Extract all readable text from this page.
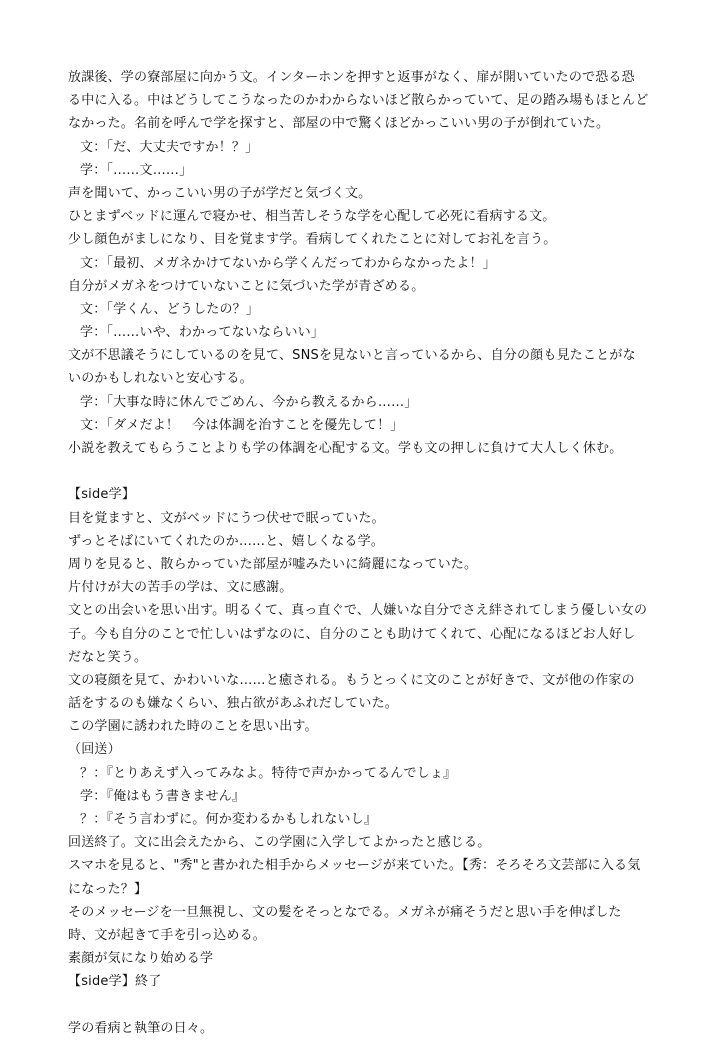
放課後、学の寮部屋に向かう文。インターホンを押すと返事がなく、扉が開いていたので恐る恐
る中に入る。中はどうしてこうなったのかわからないほど散らかっていて、足の踏み場もほとんど
なかった。名前を呼んで学を探すと、部屋の中で驚くほどかっこいい男の子が倒れていた。
文：「だ、大丈夫ですか！？」
学：「……文……」
声を聞いて、かっこいい男の子が学だと気づく文。
ひとまずベッドに運んで寝かせ、相当苦しそうな学を心配して必死に看病する文。
少し顔色がましになり、目を覚ます学。看病してくれたことに対してお礼を言う。
文：「最初、メガネかけてないから学くんだってわからなかったよ！」
自分がメガネをつけていないことに気づいた学が青ざめる。
文：「学くん、どうしたの？」
学：「……いや、わかってないならいい」
文が不思議そうにしているのを見て、SNSを見ないと言っているから、自分の顔も見たことがな
いのかもしれないと安心する。
学：「大事な時に休んでごめん、今から教えるから……」
文：「ダメだよ！　今は体調を治すことを優先して！」
小説を教えてもらうことよりも学の体調を心配する文。学も文の押しに負けて大人しく休む。
【side学】
目を覚ますと、文がベッドにうつ伏せで眠っていた。
ずっとそばにいてくれたのか……と、嬉しくなる学。
周りを見ると、散らかっていた部屋が嘘みたいに綺麗になっていた。
片付けが大の苦手の学は、文に感謝。
文との出会いを思い出す。明るくて、真っ直ぐで、人嫌いな自分でさえ絆されてしまう優しい女の
子。今も自分のことで忙しいはずなのに、自分のことも助けてくれて、心配になるほどお人好し
だなと笑う。
文の寝顔を見て、かわいいな……と癒される。もうとっくに文のことが好きで、文が他の作家の
話をするのも嫌なくらい、独占欲があふれだしていた。
この学園に誘われた時のことを思い出す。
（回送）
？：『とりあえず入ってみなよ。特待で声かかってるんでしょ』
学：『俺はもう書きません』
？：『そう言わずに。何か変わるかもしれないし』
回送終了。文に出会えたから、この学園に入学してよかったと感じる。
スマホを見ると、"秀"と書かれた相手からメッセージが来ていた。【秀：そろそろ文芸部に入る気
になった？】
そのメッセージを一旦無視し、文の髪をそっとなでる。メガネが痛そうだと思い手を伸ばした
時、文が起きて手を引っ込める。
素顔が気になり始める学
【side学】終了
学の看病と執筆の日々。
